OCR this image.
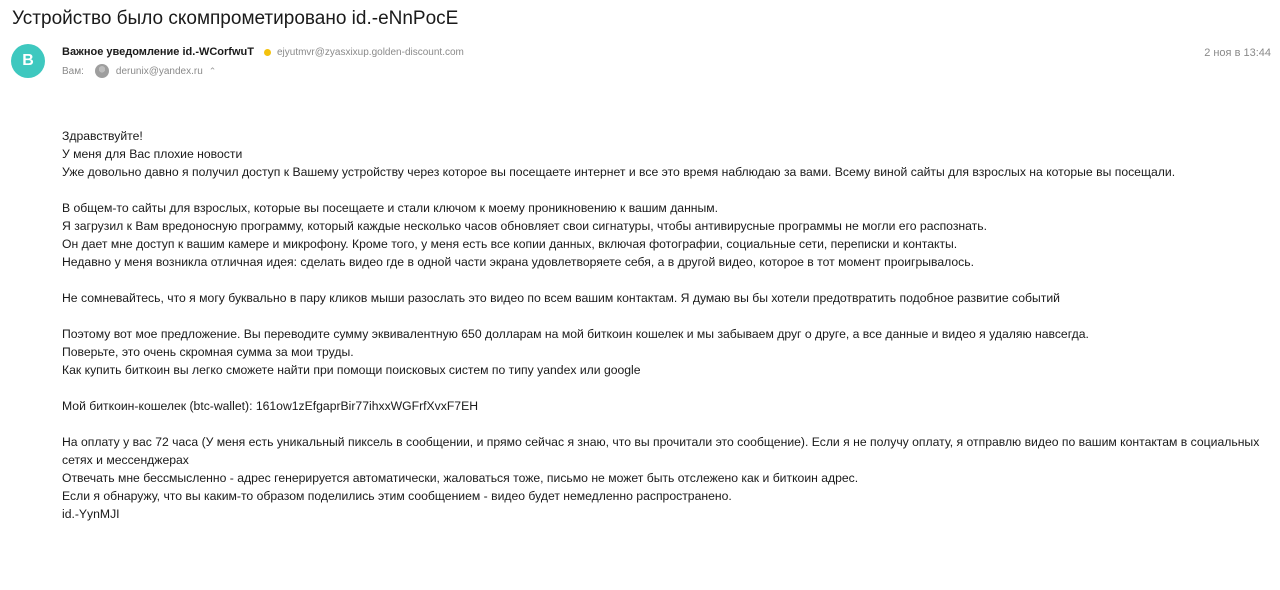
Устройство было скомпрометировано id.-eNnPocE
B	Важное уведомление id.-WCorfwuT ejyutmvr@zyasxixup.golden-discount.com
Вам:	derunix@yandex.ru ⌃
2 ноя в 13:44

Здравствуйте!

У меня для Вас плохие новости

Уже довольно давно я получил доступ к Вашему устройству через которое вы посещаете интернет и все это время наблюдаю за вами. Всему виной сайты для взрослых на которые вы посещали.

В общем-то сайты для взрослых, которые вы посещаете и стали ключом к моему проникновению к вашим данным.

Я загрузил к Вам вредоносную программу, который каждые несколько часов обновляет свои сигнатуры, чтобы антивирусные программы не могли его распознать.

Он дает мне доступ к вашим камере и микрофону. Кроме того, у меня есть все копии данных, включая фотографии, социальные сети, переписки и контакты.

Недавно у меня возникла отличная идея: сделать видео где в одной части экрана удовлетворяете себя, а в другой видео, которое в тот момент проигрывалось.

Не сомневайтесь, что я могу буквально в пару кликов мыши разослать это видео по всем вашим контактам. Я думаю вы бы хотели предотвратить подобное развитие событий

Поэтому вот мое предложение. Вы переводите сумму эквивалентную 650 долларам на мой биткоин кошелек и мы забываем друг о друге, а все данные и видео я удаляю навсегда.

Поверьте, это очень скромная сумма за мои труды.

Как купить биткоин вы легко сможете найти при помощи поисковых систем по типу yandex или google

Мой биткоин-кошелек (btc-wallet): 161ow1zEfgaprBir77ihxxWGFrfXvxF7EH

На оплату у вас 72 часа (У меня есть уникальный пиксель в сообщении, и прямо сейчас я знаю, что вы прочитали это сообщение). Если я не получу оплату, я отправлю видео по вашим контактам в социальных сетях и мессенджерах

Отвечать мне бессмысленно - адрес генерируется автоматически, жаловаться тоже, письмо не может быть отслежено как и биткоин адрес.

Если я обнаружу, что вы каким-то образом поделились этим сообщением - видео будет немедленно распространено.

id.-YynMJI
